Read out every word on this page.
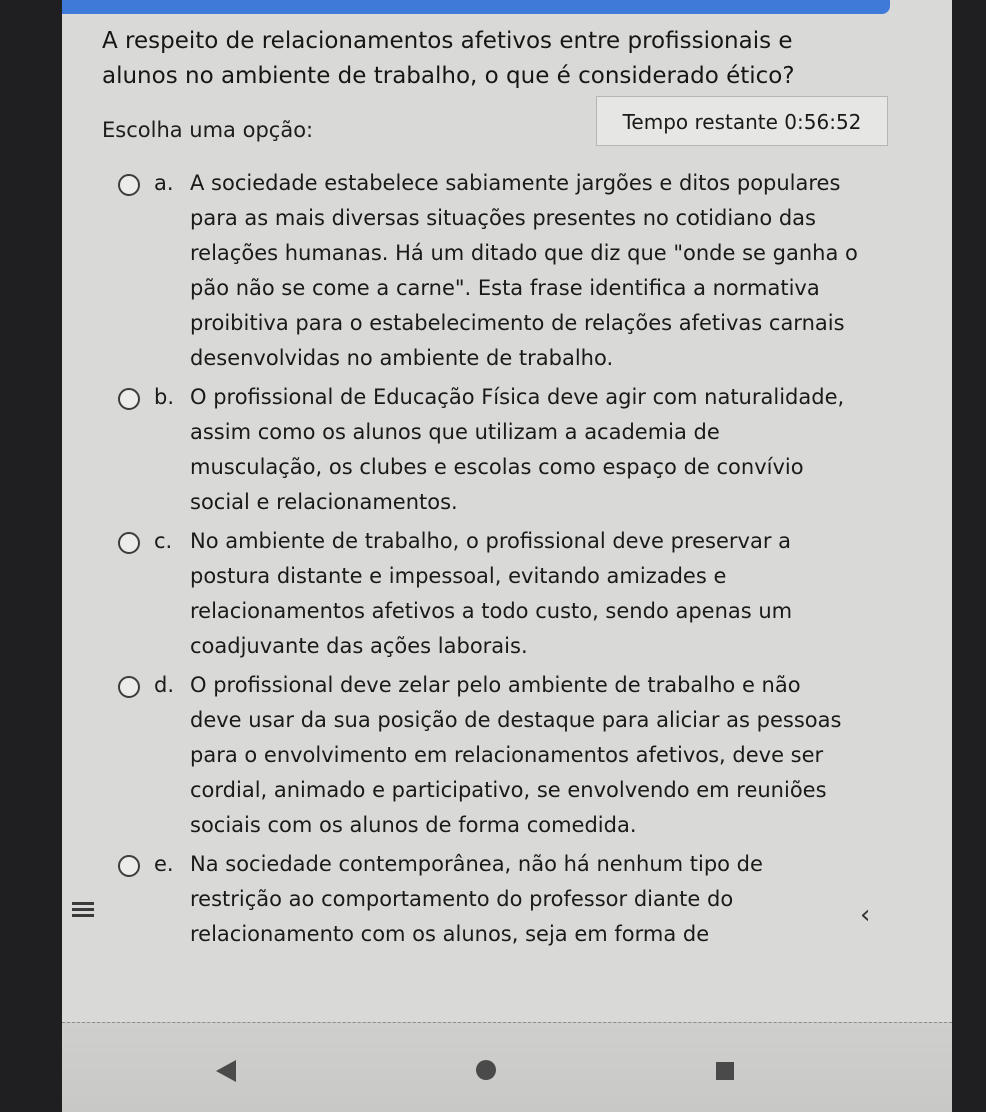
A respeito de relacionamentos afetivos entre profissionais e alunos no ambiente de trabalho, o que é considerado ético?
Escolha uma opção:	Tempo restante 0:56:52
a. A sociedade estabelece sabiamente jargões e ditos populares para as mais diversas situações presentes no cotidiano das relações humanas. Há um ditado que diz que "onde se ganha o pão não se come a carne". Esta frase identifica a normativa proibitiva para o estabelecimento de relações afetivas carnais desenvolvidas no ambiente de trabalho.
b. O profissional de Educação Física deve agir com naturalidade, assim como os alunos que utilizam a academia de musculação, os clubes e escolas como espaço de convívio social e relacionamentos.
c. No ambiente de trabalho, o profissional deve preservar a postura distante e impessoal, evitando amizades e relacionamentos afetivos a todo custo, sendo apenas um coadjuvante das ações laborais.
d. O profissional deve zelar pelo ambiente de trabalho e não deve usar da sua posição de destaque para aliciar as pessoas para o envolvimento em relacionamentos afetivos, deve ser cordial, animado e participativo, se envolvendo em reuniões sociais com os alunos de forma comedida.
e. Na sociedade contemporânea, não há nenhum tipo de restrição ao comportamento do professor diante do relacionamento com os alunos, seja em forma de
‹
